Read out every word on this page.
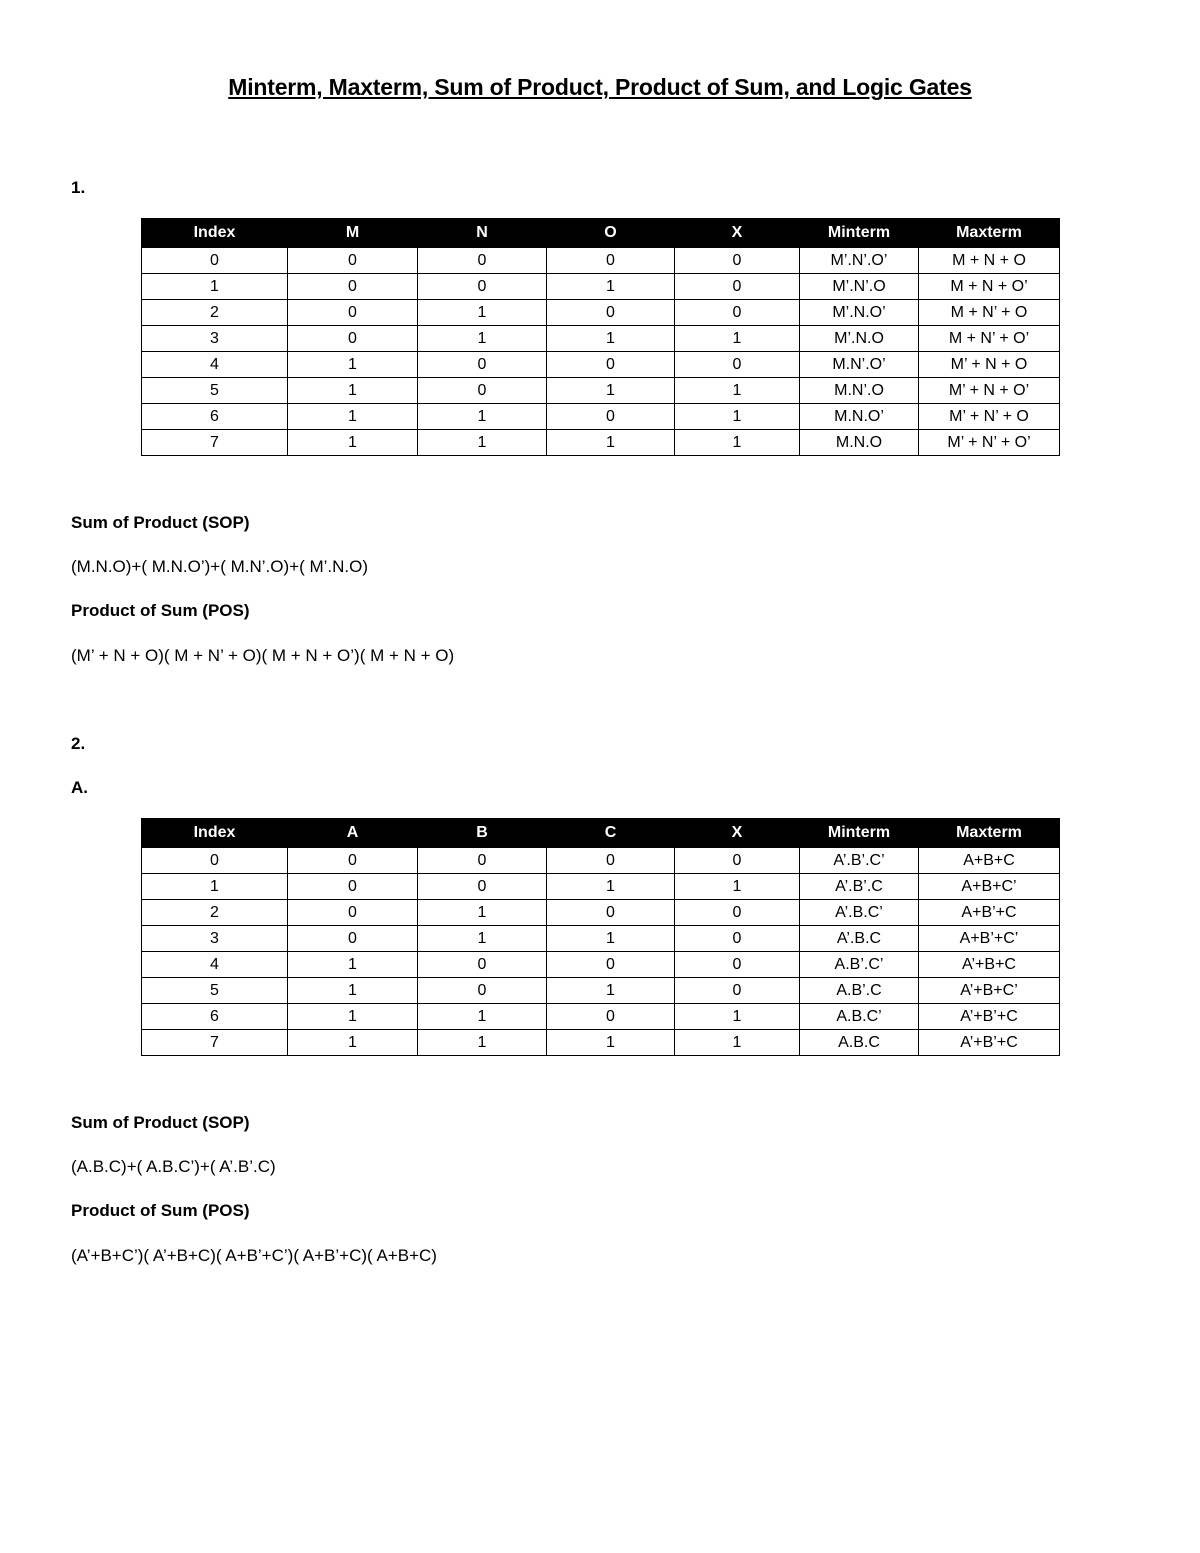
Minterm, Maxterm, Sum of Product, Product of Sum, and Logic Gates
1.
Index	M	N	O	X	Minterm	Maxterm
0	0	0	0	0	M’.N’.O’	M + N + O
1	0	0	1	0	M’.N’.O	M + N + O’
2	0	1	0	0	M’.N.O’	M + N’ + O
3	0	1	1	1	M’.N.O	M + N’ + O’
4	1	0	0	0	M.N’.O’	M’ + N + O
5	1	0	1	1	M.N’.O	M’ + N + O’
6	1	1	0	1	M.N.O’	M’ + N’ + O
7	1	1	1	1	M.N.O	M’ + N’ + O’
Sum of Product (SOP)
(M.N.O)+( M.N.O’)+( M.N’.O)+( M’.N.O)
Product of Sum (POS)
(M’ + N + O)( M + N’ + O)( M + N + O’)( M + N + O)
2.
A.
Index	A	B	C	X	Minterm	Maxterm
0	0	0	0	0	A’.B’.C’	A+B+C
1	0	0	1	1	A’.B’.C	A+B+C’
2	0	1	0	0	A’.B.C’	A+B’+C
3	0	1	1	0	A’.B.C	A+B’+C’
4	1	0	0	0	A.B’.C’	A’+B+C
5	1	0	1	0	A.B’.C	A’+B+C’
6	1	1	0	1	A.B.C’	A’+B’+C
7	1	1	1	1	A.B.C	A’+B’+C
Sum of Product (SOP)
(A.B.C)+( A.B.C’)+( A’.B’.C)
Product of Sum (POS)
(A’+B+C’)( A’+B+C)( A+B’+C’)( A+B’+C)( A+B+C)
